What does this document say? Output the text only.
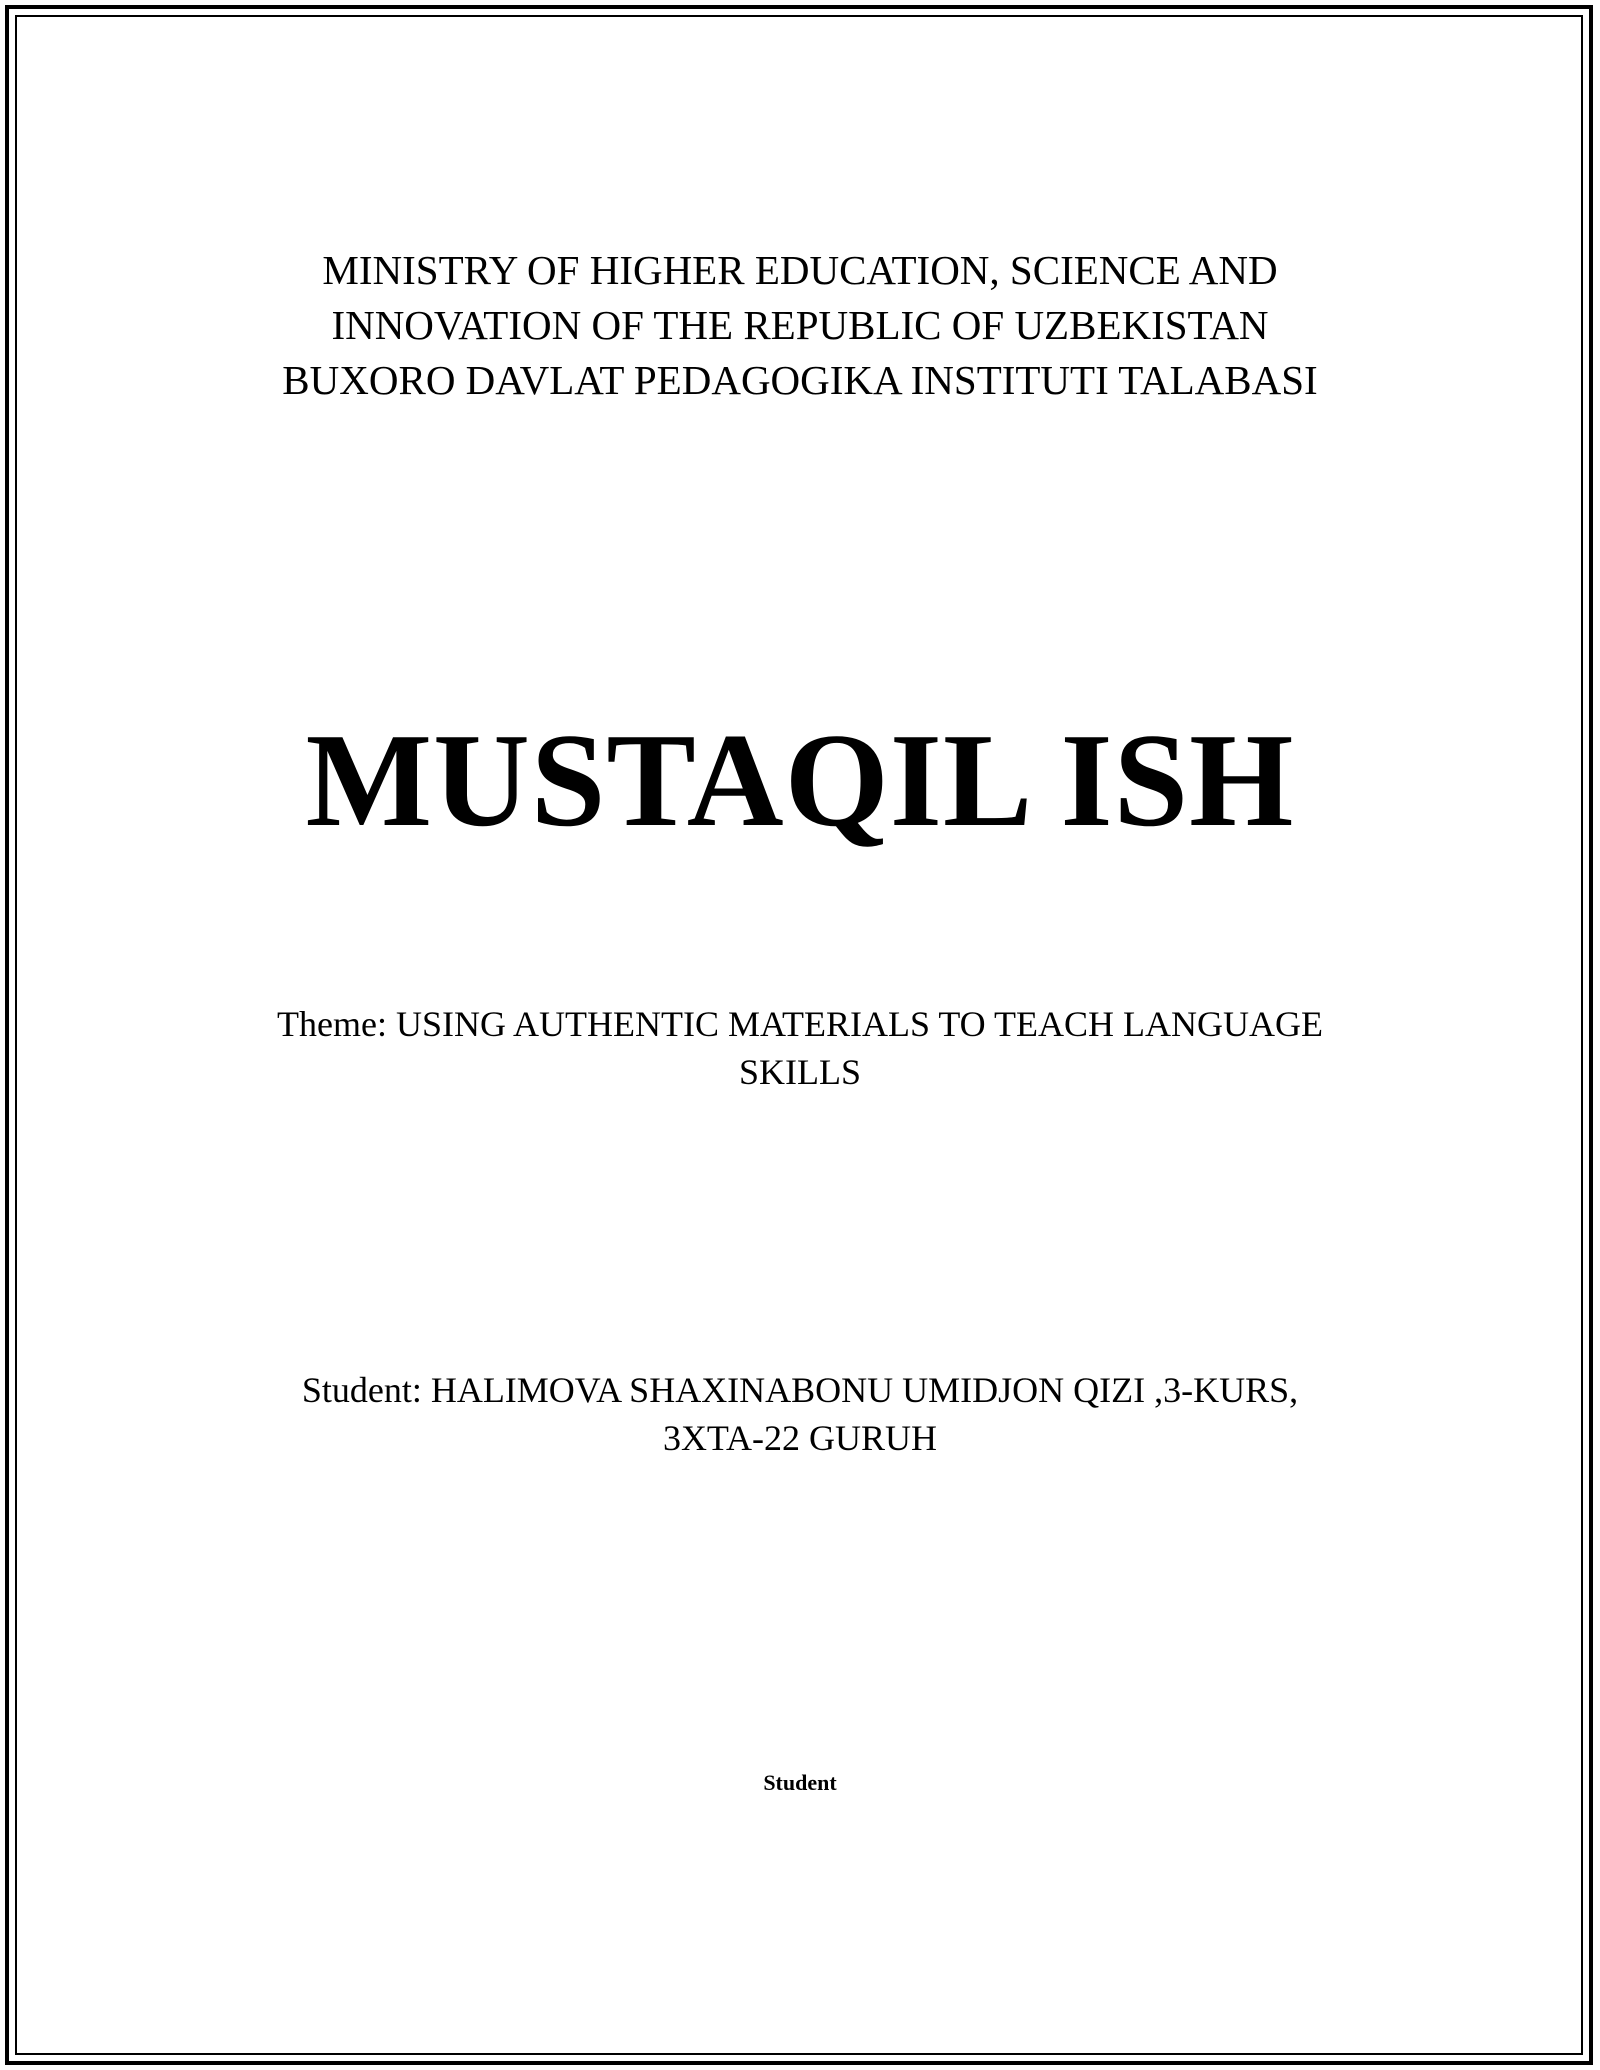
MINISTRY OF HIGHER EDUCATION, SCIENCE AND
INNOVATION OF THE REPUBLIC OF UZBEKISTAN
BUXORO DAVLAT PEDAGOGIKA INSTITUTI TALABASI
MUSTAQIL ISH
Theme: USING AUTHENTIC MATERIALS TO TEACH LANGUAGE
SKILLS
Student: HALIMOVA SHAXINABONU UMIDJON QIZI ,3-KURS,
3XTA-22 GURUH
Student
